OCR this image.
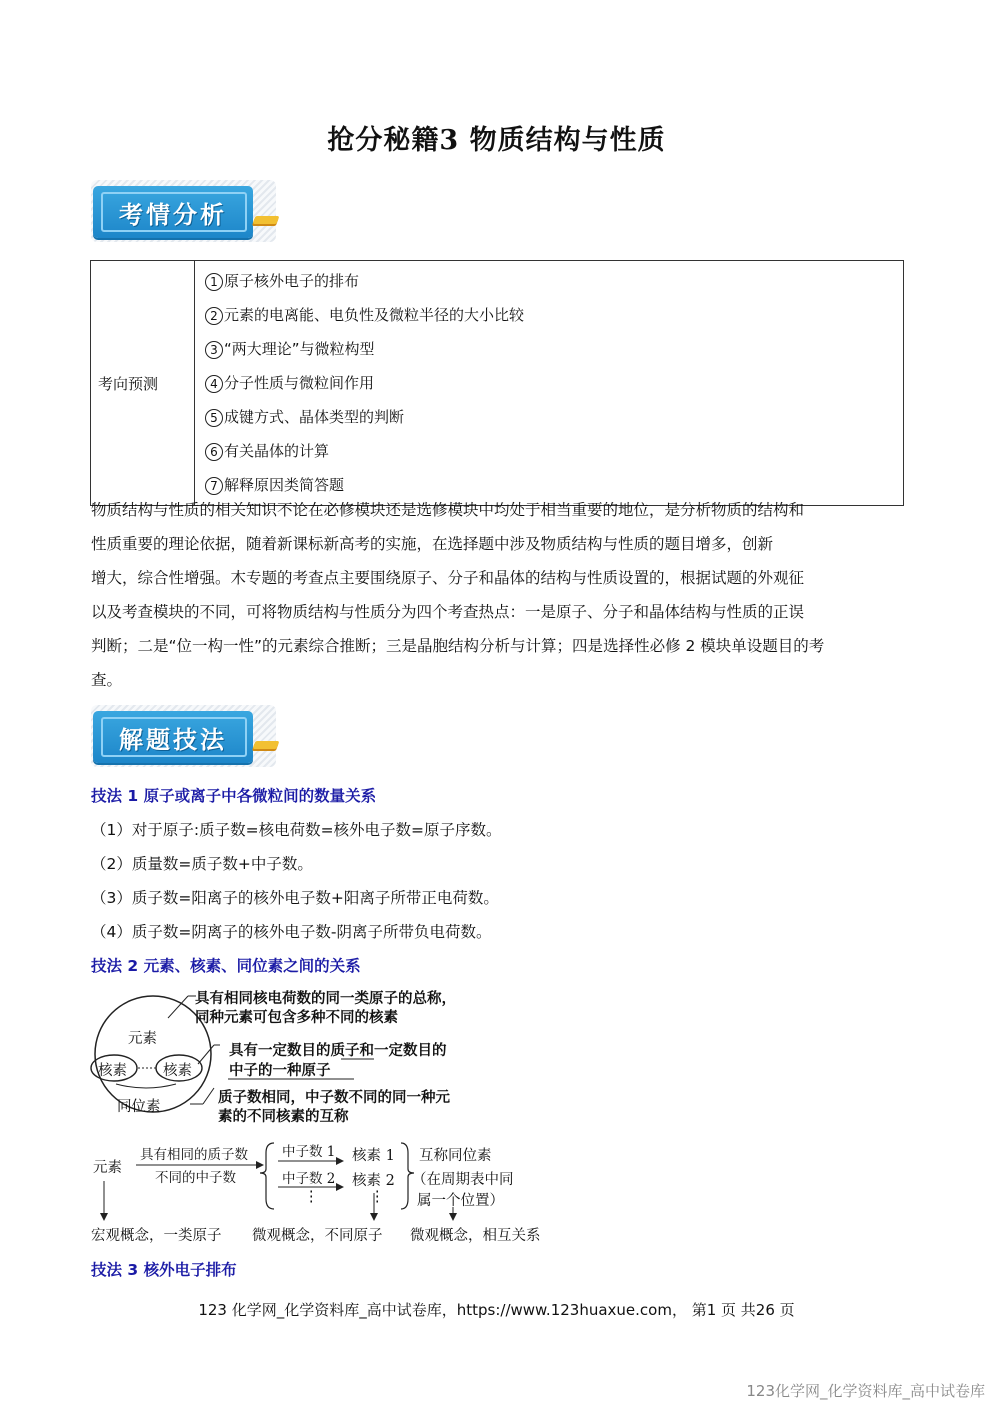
抢分秘籍3 物质结构与性质
考情分析
考向预测	
1 原子核外电子的排布
2 元素的电离能、电负性及微粒半径的大小比较
3 “两大理论”与微粒构型
4 分子性质与微粒间作用
5 成键方式、晶体类型的判断
6 有关晶体的计算
7 解释原因类简答题
物质结构与性质的相关知识不论在必修模块还是选修模块中均处于相当重要的地位，是分析物质的结构和
性质重要的理论依据，随着新课标新高考的实施，在选择题中涉及物质结构与性质的题目增多，创新
增大，综合性增强。木专题的考查点主要围绕原子、分子和晶体的结构与性质设置的，根据试题的外观征
以及考查模块的不同，可将物质结构与性质分为四个考查热点：一是原子、分子和晶体结构与性质的正误
判断；二是“位一构一性”的元素综合推断；三是晶胞结构分析与计算；四是选择性必修 2 模块单设题目的考
查。
解题技法
技法 1 原子或离子中各微粒间的数量关系
（1）对于原子:质子数=核电荷数=核外电子数=原子序数。
（2）质量数=质子数+中子数。
（3）质子数=阳离子的核外电子数+阳离子所带正电荷数。
（4）质子数=阴离子的核外电子数-阴离子所带负电荷数。
技法 2 元素、核素、同位素之间的关系
元素
核素 核素
同位素
具有相同核电荷数的同一类原子的总称，
同种元素可包含多种不同的核素
具有一定数目的质子和一定数目的
中子的一种原子
质子数相同，中子数不同的同一种元
素的不同核素的互称
元素
具有相同的质子数
不同的中子数
中子数 1
中子数 2
⋮
核素 1
核素 2
⋮
互称同位素
（在周期表中同
属一个位置）
宏观概念，一类原子 微观概念，不同原子 微观概念，相互关系
技法 3 核外电子排布
123 化学网_化学资料库_高中试卷库，https://www.123huaxue.com， 第1 页 共26 页
123化学网_化学资料库_高中试卷库
